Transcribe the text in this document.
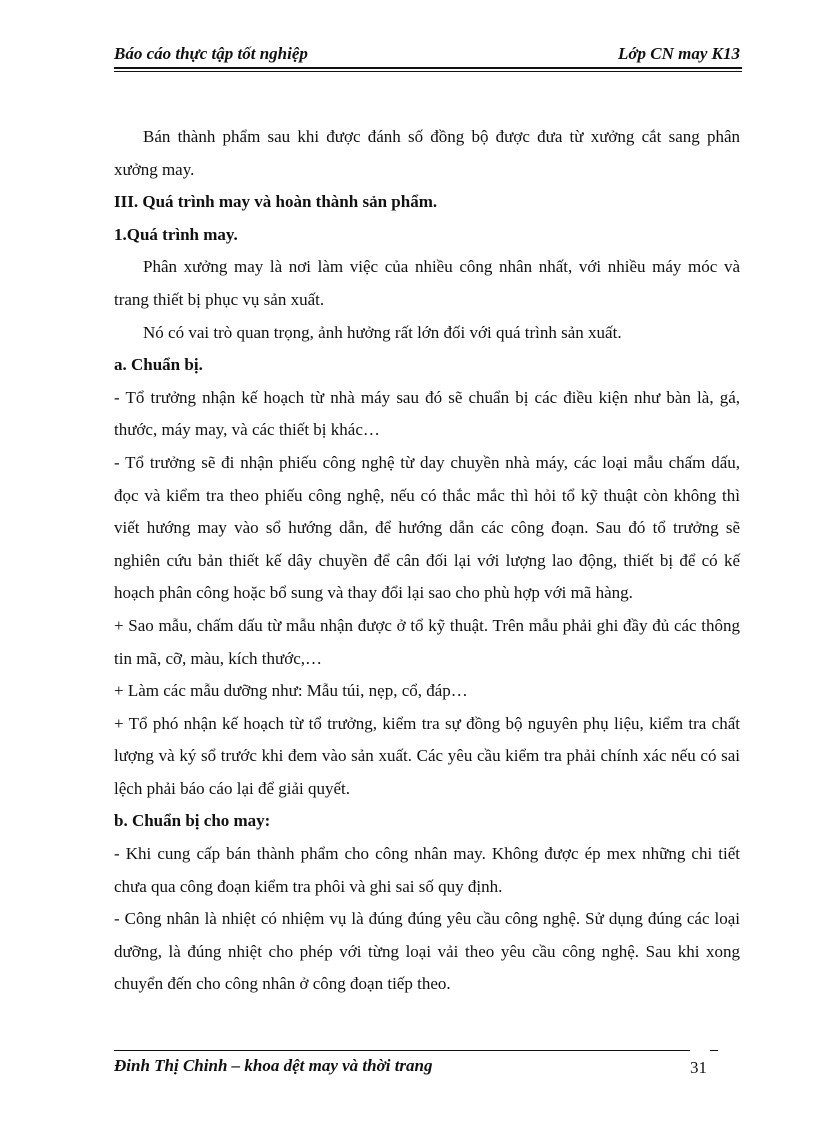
Báo cáo thực tập tốt nghiệp	Lớp CN may K13

Bán thành phẩm sau khi được đánh số đồng bộ được đưa từ xưởng cắt sang phân xưởng may.

III. Quá trình may và hoàn thành sản phẩm.

1.Quá trình may.

Phân xưởng may là nơi làm việc của nhiều công nhân nhất, với nhiều máy móc và trang thiết bị phục vụ sản xuất.

Nó có vai trò quan trọng, ảnh hưởng rất lớn đối với quá trình sản xuất.

a. Chuẩn bị.

- Tổ trưởng nhận kế hoạch từ nhà máy sau đó sẽ chuẩn bị các điều kiện như bàn là, gá, thước, máy may, và các thiết bị khác…

- Tổ trưởng sẽ đi nhận phiếu công nghệ từ day chuyền nhà máy, các loại mẫu chấm dấu, đọc và kiểm tra theo phiếu công nghệ, nếu có thắc mắc thì hỏi tổ kỹ thuật còn không thì viết hướng may vào sổ hướng dẫn, để hướng dẫn các công đoạn. Sau đó tổ trưởng sẽ nghiên cứu bản thiết kế dây chuyền để cân đối lại với lượng lao động, thiết bị để có kế hoạch phân công hoặc bổ sung và thay đổi lại sao cho phù hợp với mã hàng.

+ Sao mẫu, chấm dấu từ mẫu nhận được ở tổ kỹ thuật. Trên mẫu phải ghi đầy đủ các thông tin mã, cỡ, màu, kích thước,…

+ Làm các mẫu dưỡng như: Mẫu túi, nẹp, cổ, đáp…

+ Tổ phó nhận kế hoạch từ tổ trưởng, kiểm tra sự đồng bộ nguyên phụ liệu, kiểm tra chất lượng và ký sổ trước khi đem vào sản xuất. Các yêu cầu kiểm tra phải chính xác nếu có sai lệch phải báo cáo lại để giải quyết.

b. Chuẩn bị cho may:

- Khi cung cấp bán thành phẩm cho công nhân may. Không được ép mex những chi tiết chưa qua công đoạn kiểm tra phôi và ghi sai số quy định.

- Công nhân là nhiệt có nhiệm vụ là đúng đúng yêu cầu công nghệ. Sử dụng đúng các loại dưỡng, là đúng nhiệt cho phép với từng loại vải theo yêu cầu công nghệ. Sau khi xong chuyển đến cho công nhân ở công đoạn tiếp theo.

Đinh Thị Chinh – khoa dệt may và thời trang	31
